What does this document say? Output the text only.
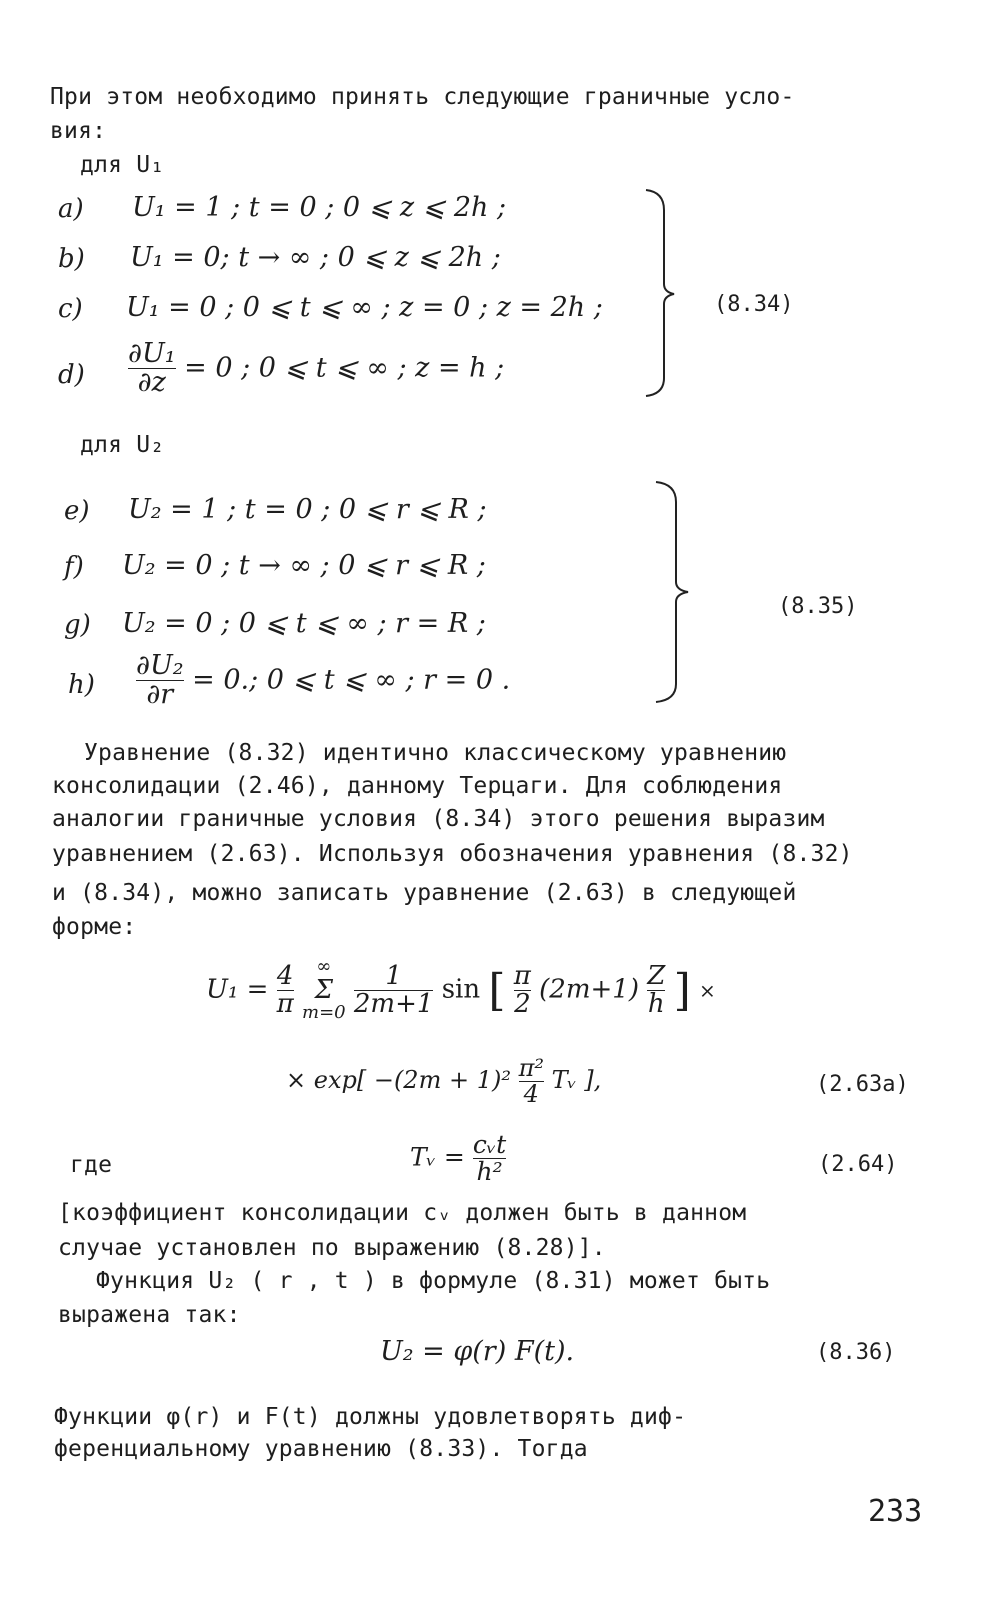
При этом необходимо принять следующие граничные усло-
вия:
для U₁
a) U₁ = 1 ; t = 0 ; 0 ⩽ z ⩽ 2h ;
b) U₁ = 0; t → ∞ ; 0 ⩽ z ⩽ 2h ;
c) U₁ = 0 ; 0 ⩽ t ⩽ ∞ ; z = 0 ; z = 2h ;
$d) \frac{\text{∂U₁}}{\partial z} = 0$ ; 0 ⩽ t ⩽ ∞ ; z = h ;
(8.34)
для U₂
e) U₂ = 1 ; t = 0 ; 0 ⩽ r ⩽ R ;
f) U₂ = 0 ; t → ∞ ; 0 ⩽ r ⩽ R ;
g) U₂ = 0 ; 0 ⩽ t ⩽ ∞ ; r = R ;
$h) \frac{\text{∂U₂}}{\partial r} = 0$.; 0 ⩽ t ⩽ ∞ ; r = 0 .
(8.35)
Уравнение (8.32) идентично классическому уравнению
консолидации (2.46), данному Терцаги. Для соблюдения
аналогии граничные условия (8.34) этого решения выразим
уравнением (2.63). Используя обозначения уравнения (8.32)
и (8.34), можно записать уравнение (2.63) в следующей
форме:
$U_1 = \frac{4}{\pi}$
	∞
Σ
m=0
$\frac{1}{2m+1}$ sin [ $\frac{\pi}{2} (2m+1) \frac{Z}{h}$ ] ×
× $\exp[ -(2m + 1)^2 \frac{\text{π²}}{4}$ Tᵥ ],	(2.63а)
где	Tᵥ = $\frac{\text{cᵥt}}{\text{h²}}$	(2.64)
[коэффициент консолидации cᵥ должен быть в данном
случае установлен по выражению (8.28)].
Функция U₂ ( r , t ) в формуле (8.31) может быть
выражена так:
U₂ = φ(r) F(t).	(8.36)
Функции φ(r) и F(t) должны удовлетворять диф-
ференциальному уравнению (8.33). Тогда
233
